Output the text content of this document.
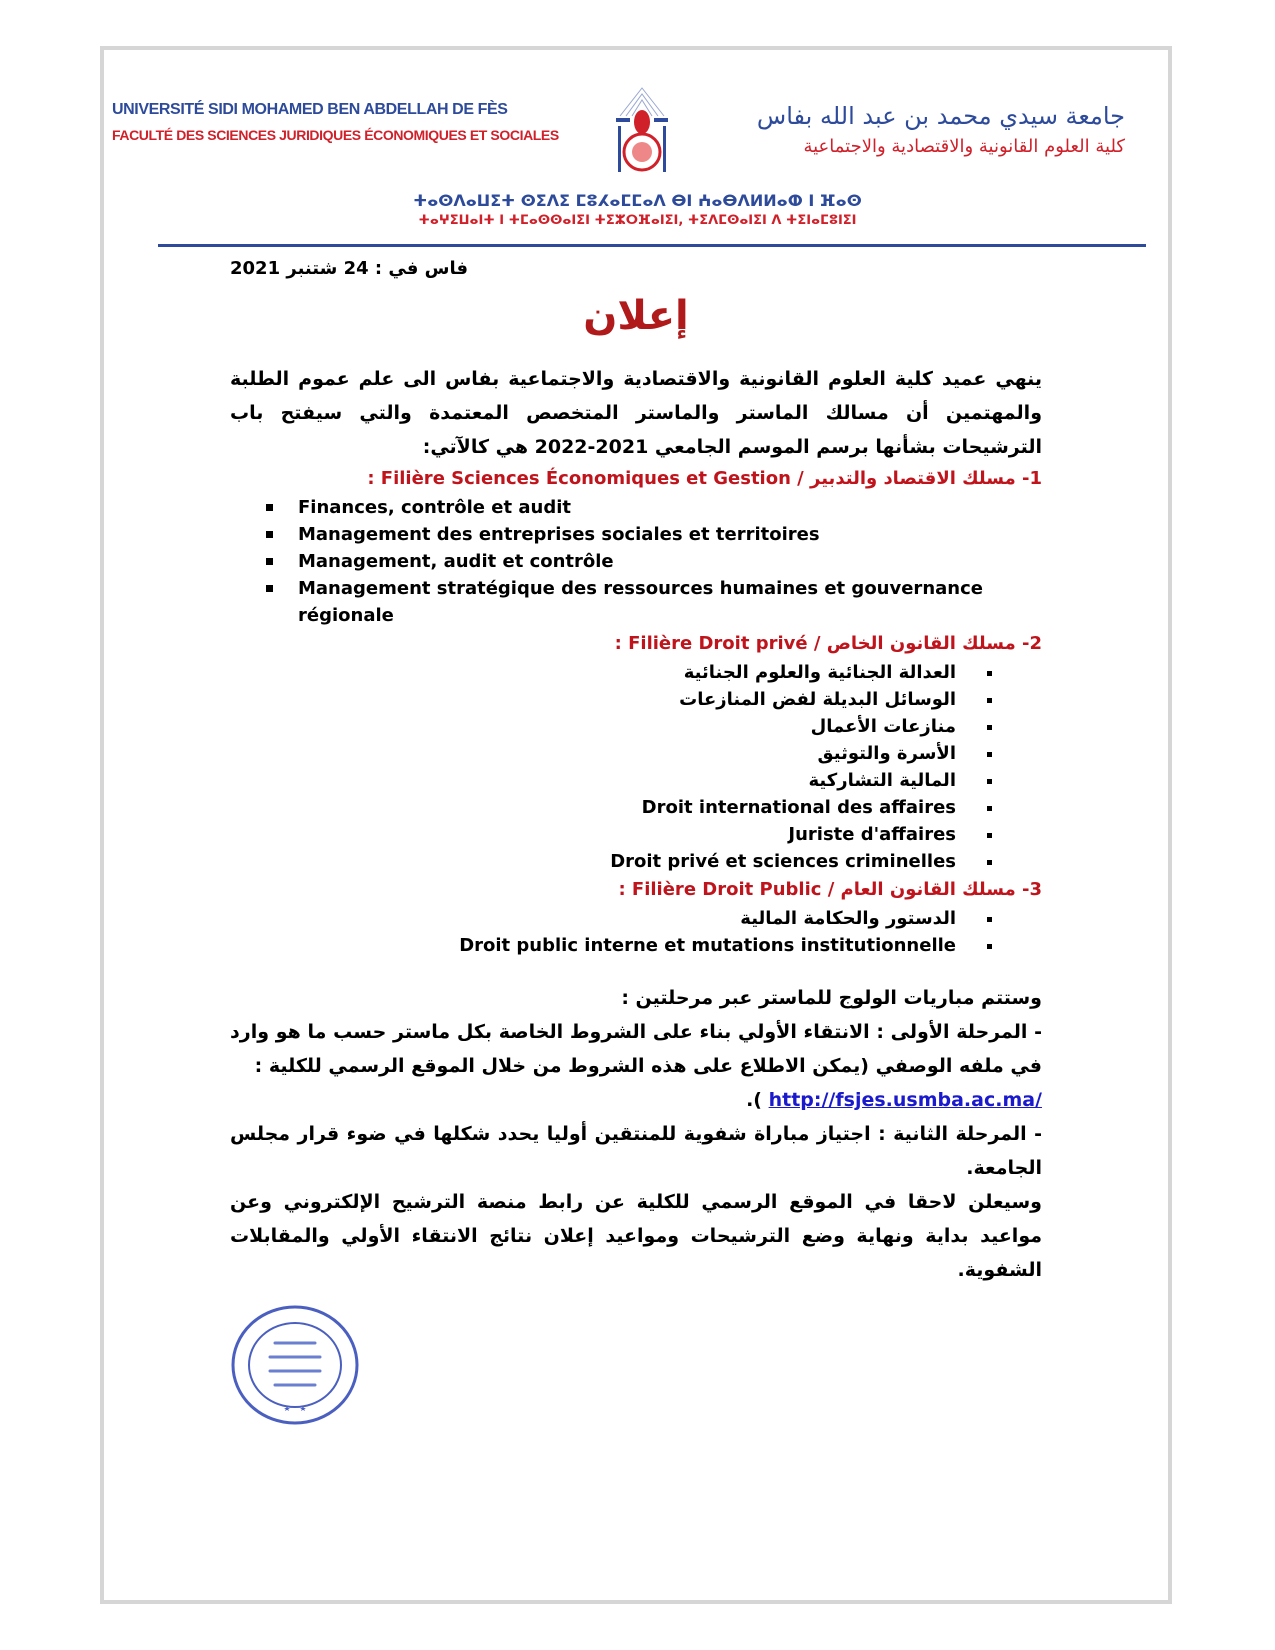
UNIVERSITÉ SIDI MOHAMED BEN ABDELLAH DE FÈS
FACULTÉ DES SCIENCES JURIDIQUES ÉCONOMIQUES ET SOCIALES
جامعة سيدي محمد بن عبد الله بفاس
كلية العلوم القانونية والاقتصادية والاجتماعية
ⵜⴰⵙⴷⴰⵡⵉⵜ ⵙⵉⴷⵉ ⵎⵓⵃⴰⵎⵎⴰⴷ ⴱⵏ ⵄⴰⴱⴷⵍⵍⴰⵀ ⵏ ⴼⴰⵙ
ⵜⴰⵖⵉⵡⴰⵏⵜ ⵏ ⵜⵎⴰⵙⵙⴰⵏⵉⵏ ⵜⵉⵣⵔⴼⴰⵏⵉⵏ, ⵜⵉⴷⵎⵙⴰⵏⵉⵏ ⴷ ⵜⵉⵏⴰⵎⵓⵏⵉⵏ
فاس في : 24 شتنبر 2021
إعلان
ينهي عميد كلية العلوم القانونية والاقتصادية والاجتماعية بفاس الى علم عموم الطلبة والمهتمين أن مسالك الماستر والماستر المتخصص المعتمدة والتي سيفتح باب الترشيحات بشأنها برسم الموسم الجامعي 2021-2022 هي كالآتي:
1- مسلك الاقتصاد والتدبير / Filière Sciences Économiques et Gestion :
Finances, contrôle et audit
Management des entreprises sociales et territoires
Management, audit et contrôle
Management stratégique des ressources humaines et gouvernance régionale
2- مسلك القانون الخاص / Filière Droit privé :
العدالة الجنائية والعلوم الجنائية
الوسائل البديلة لفض المنازعات
منازعات الأعمال
الأسرة والتوثيق
المالية التشاركية
Droit international des affaires
Juriste d'affaires
Droit privé et sciences criminelles
3- مسلك القانون العام / Filière Droit Public :
الدستور والحكامة المالية
Droit public interne et mutations institutionnelle
وستتم مباريات الولوج للماستر عبر مرحلتين :
- المرحلة الأولى : الانتقاء الأولي بناء على الشروط الخاصة بكل ماستر حسب ما هو وارد في ملفه الوصفي (يمكن الاطلاع على هذه الشروط من خلال الموقع الرسمي للكلية :
http://fsjes.usmba.ac.ma/ ).
- المرحلة الثانية : اجتياز مباراة شفوية للمنتقين أوليا يحدد شكلها في ضوء قرار مجلس الجامعة.
وسيعلن لاحقا في الموقع الرسمي للكلية عن رابط منصة الترشيح الإلكتروني وعن مواعيد بداية ونهاية وضع الترشيحات ومواعيد إعلان نتائج الانتقاء الأولي والمقابلات الشفوية.
